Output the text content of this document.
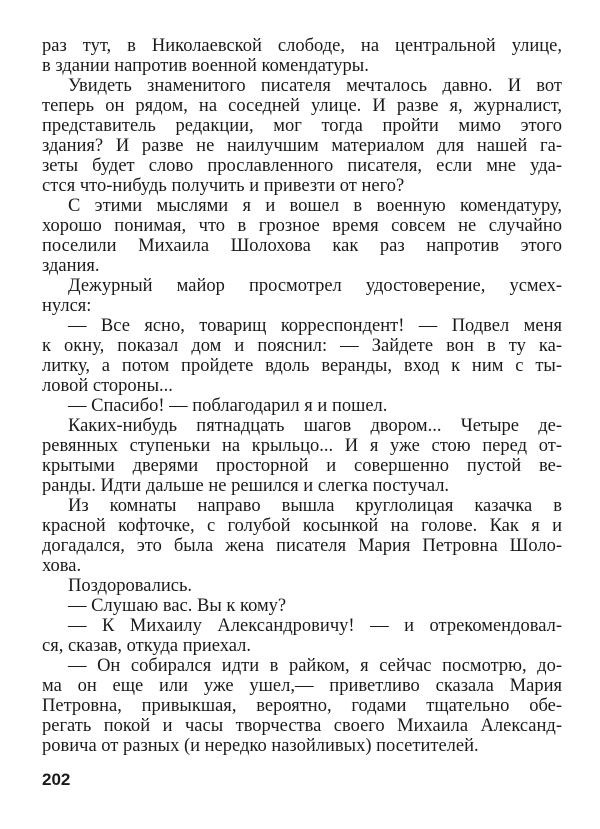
раз тут, в Николаевской слободе, на центральной улице,
в здании напротив военной комендатуры.
Увидеть знаменитого писателя мечталось давно. И вот
теперь он рядом, на соседней улице. И разве я, журналист,
представитель редакции, мог тогда пройти мимо этого
здания? И разве не наилучшим материалом для нашей га-
зеты будет слово прославленного писателя, если мне уда-
стся что-нибудь получить и привезти от него?
С этими мыслями я и вошел в военную комендатуру,
хорошо понимая, что в грозное время совсем не случайно
поселили Михаила Шолохова как раз напротив этого
здания.
Дежурный майор просмотрел удостоверение, усмех-
нулся:
— Все ясно, товарищ корреспондент! — Подвел меня
к окну, показал дом и пояснил: — Зайдете вон в ту ка-
литку, а потом пройдете вдоль веранды, вход к ним с ты-
ловой стороны...
— Спасибо! — поблагодарил я и пошел.
Каких-нибудь пятнадцать шагов двором... Четыре де-
ревянных ступеньки на крыльцо... И я уже стою перед от-
крытыми дверями просторной и совершенно пустой ве-
ранды. Идти дальше не решился и слегка постучал.
Из комнаты направо вышла круглолицая казачка в
красной кофточке, с голубой косынкой на голове. Как я и
догадался, это была жена писателя Мария Петровна Шоло-
хова.
Поздоровались.
— Слушаю вас. Вы к кому?
— К Михаилу Александровичу! — и отрекомендовал-
ся, сказав, откуда приехал.
— Он собирался идти в райком, я сейчас посмотрю, до-
ма он еще или уже ушел,— приветливо сказала Мария
Петровна, привыкшая, вероятно, годами тщательно обе-
регать покой и часы творчества своего Михаила Александ-
ровича от разных (и нередко назойливых) посетителей.
202
